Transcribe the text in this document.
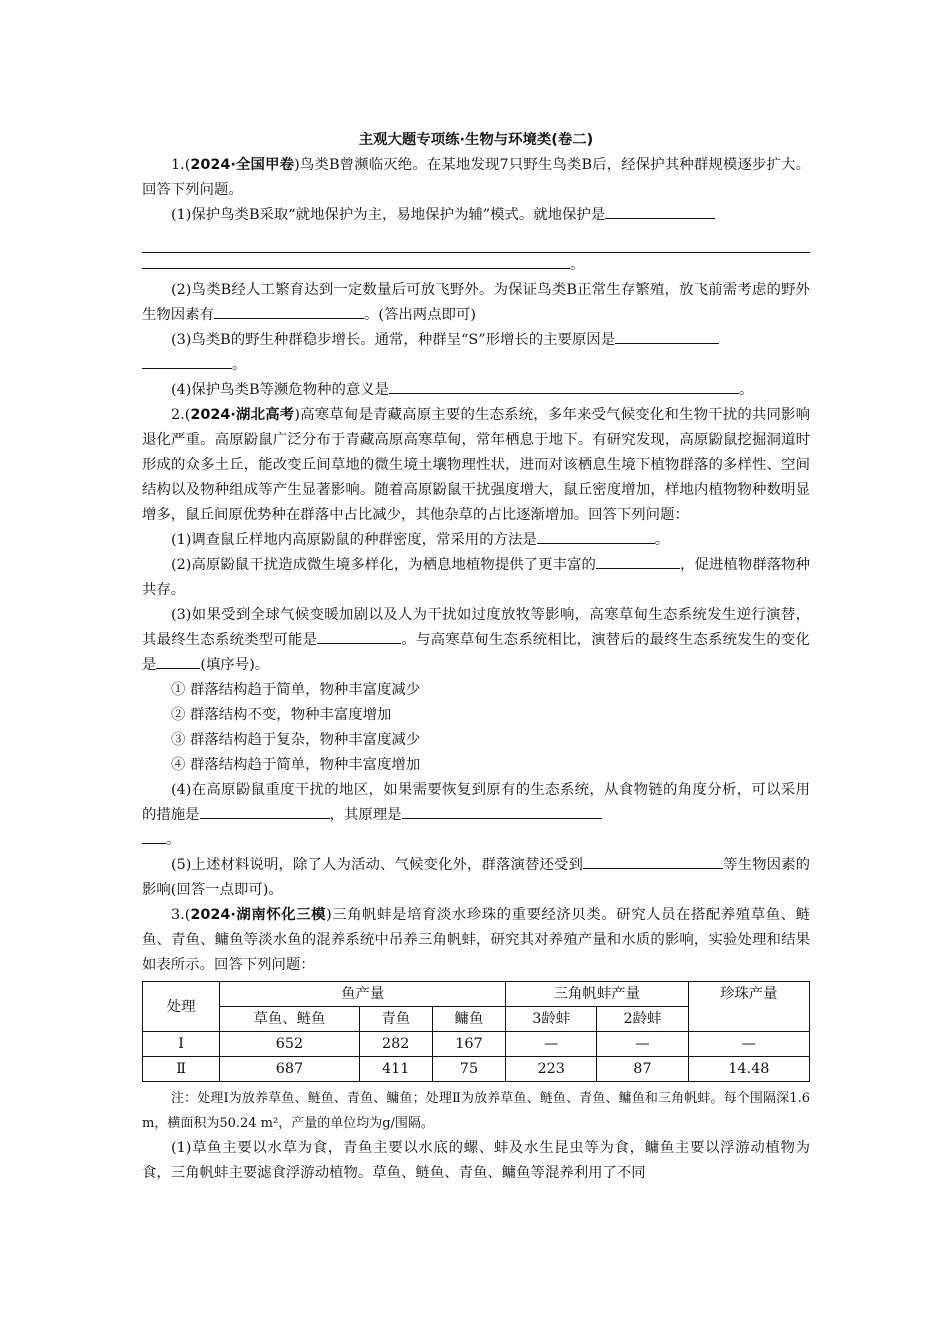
主观大题专项练·生物与环境类(卷二)

1.(2024·全国甲卷)鸟类B曾濒临灭绝。在某地发现7只野生鸟类B后，经保护其种群规模逐步扩大。回答下列问题。

(1)保护鸟类B采取“就地保护为主，易地保护为辅”模式。就地保护是

。

(2)鸟类B经人工繁育达到一定数量后可放飞野外。为保证鸟类B正常生存繁殖，放飞前需考虑的野外生物因素有	。(答出两点即可)

(3)鸟类B的野生种群稳步增长。通常，种群呈“S”形增长的主要原因是

。

(4)保护鸟类B等濒危物种的意义是	。

2.(2024·湖北高考)高寒草甸是青藏高原主要的生态系统，多年来受气候变化和生物干扰的共同影响退化严重。高原鼢鼠广泛分布于青藏高原高寒草甸，常年栖息于地下。有研究发现，高原鼢鼠挖掘洞道时形成的众多土丘，能改变丘间草地的微生境土壤物理性状，进而对该栖息生境下植物群落的多样性、空间结构以及物种组成等产生显著影响。随着高原鼢鼠干扰强度增大，鼠丘密度增加，样地内植物物种数明显增多，鼠丘间原优势种在群落中占比减少，其他杂草的占比逐渐增加。回答下列问题：

(1)调查鼠丘样地内高原鼢鼠的种群密度，常采用的方法是	。

(2)高原鼢鼠干扰造成微生境多样化，为栖息地植物提供了更丰富的	，促进植物群落物种共存。

(3)如果受到全球气候变暖加剧以及人为干扰如过度放牧等影响，高寒草甸生态系统发生逆行演替，其最终生态系统类型可能是	。与高寒草甸生态系统相比，演替后的最终生态系统发生的变化是	(填序号)。

① 群落结构趋于简单，物种丰富度减少

② 群落结构不变，物种丰富度增加

③ 群落结构趋于复杂，物种丰富度减少

④ 群落结构趋于简单，物种丰富度增加

(4)在高原鼢鼠重度干扰的地区，如果需要恢复到原有的生态系统，从食物链的角度分析，可以采用的措施是	，其原理是

。

(5)上述材料说明，除了人为活动、气候变化外，群落演替还受到	等生物因素的影响(回答一点即可)。

3.(2024·湖南怀化三模)三角帆蚌是培育淡水珍珠的重要经济贝类。研究人员在搭配养殖草鱼、鲢鱼、青鱼、鳙鱼等淡水鱼的混养系统中吊养三角帆蚌，研究其对养殖产量和水质的影响，实验处理和结果如表所示。回答下列问题：

处理	鱼产量			三角帆蚌产量		珍珠产量
	草鱼、鲢鱼	青鱼	鳙鱼	3龄蚌	2龄蚌	
Ⅰ	652	282	167	—	—	—
Ⅱ	687	411	75	223	87	14.48

注：处理Ⅰ为放养草鱼、鲢鱼、青鱼、鳙鱼；处理Ⅱ为放养草鱼、鲢鱼、青鱼、鳙鱼和三角帆蚌。每个围隔深1.6 m，横面积为50.24 m²，产量的单位均为g/围隔。

(1)草鱼主要以水草为食，青鱼主要以水底的螺、蚌及水生昆虫等为食，鳙鱼主要以浮游动植物为食，三角帆蚌主要滤食浮游动植物。草鱼、鲢鱼、青鱼、鳙鱼等混养利用了不同
